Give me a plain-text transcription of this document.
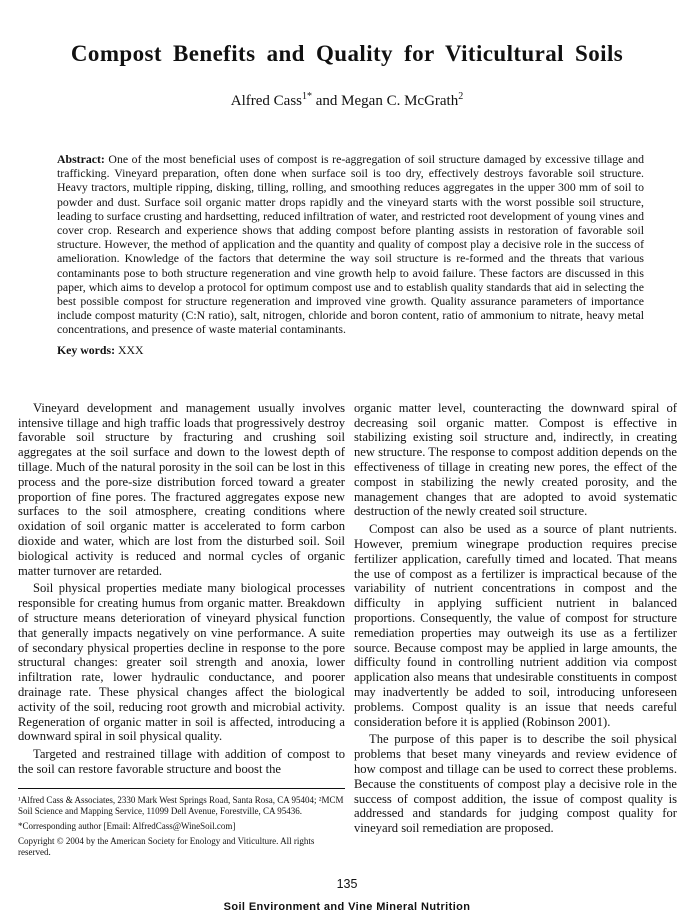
Compost Benefits and Quality for Viticultural Soils
Alfred Cass$^{1*}$ and Megan C. McGrath$^2$
Abstract: One of the most beneficial uses of compost is re-aggregation of soil structure damaged by excessive tillage and trafficking. Vineyard preparation, often done when surface soil is too dry, effectively destroys favorable soil structure. Heavy tractors, multiple ripping, disking, tilling, rolling, and smoothing reduces aggregates in the upper 300 mm of soil to powder and dust. Surface soil organic matter drops rapidly and the vineyard starts with the worst possible soil structure, leading to surface crusting and hardsetting, reduced infiltration of water, and restricted root development of young vines and cover crop. Research and experience shows that adding compost before planting assists in restoration of favorable soil structure. However, the method of application and the quantity and quality of compost play a decisive role in the success of amelioration. Knowledge of the factors that determine the way soil structure is re-formed and the threats that various contaminants pose to both structure regeneration and vine growth help to avoid failure. These factors are discussed in this paper, which aims to develop a protocol for optimum compost use and to establish quality standards that aid in selecting the best possible compost for structure regeneration and improved vine growth. Quality assurance parameters of importance include compost maturity (C:N ratio), salt, nitrogen, chloride and boron content, ratio of ammonium to nitrate, heavy metal concentrations, and presence of waste material contaminants.
Key words: XXX

Vineyard development and management usually involves intensive tillage and high traffic loads that progressively destroy favorable soil structure by fracturing and crushing soil aggregates at the soil surface and down to the lowest depth of tillage. Much of the natural porosity in the soil can be lost in this process and the pore-size distribution forced toward a greater proportion of fine pores. The fractured aggregates expose new surfaces to the soil atmosphere, creating conditions where oxidation of soil organic matter is accelerated to form carbon dioxide and water, which are lost from the disturbed soil. Soil biological activity is reduced and normal cycles of organic matter turnover are retarded.

Soil physical properties mediate many biological processes responsible for creating humus from organic matter. Breakdown of structure means deterioration of vineyard physical function that generally impacts negatively on vine performance. A suite of secondary physical properties decline in response to the pore structural changes: greater soil strength and anoxia, lower infiltration rate, lower hydraulic conductance, and poorer drainage rate. These physical changes affect the biological activity of the soil, reducing root growth and microbial activity. Regeneration of organic matter in soil is affected, introducing a downward spiral in soil physical quality.

Targeted and restrained tillage with addition of compost to the soil can restore favorable structure and boost the

¹Alfred Cass & Associates, 2330 Mark West Springs Road, Santa Rosa, CA 95404; ²MCM Soil Science and Mapping Service, 11099 Dell Avenue, Forestville, CA 95436.

*Corresponding author [Email: AlfredCass@WineSoil.com]

Copyright © 2004 by the American Society for Enology and Viticulture. All rights reserved.

organic matter level, counteracting the downward spiral of decreasing soil organic matter. Compost is effective in stabilizing existing soil structure and, indirectly, in creating new structure. The response to compost addition depends on the effectiveness of tillage in creating new pores, the effect of the compost in stabilizing the newly created porosity, and the management changes that are adopted to avoid systematic destruction of the newly created soil structure.

Compost can also be used as a source of plant nutrients. However, premium winegrape production requires precise fertilizer application, carefully timed and located. That means the use of compost as a fertilizer is impractical because of the variability of nutrient concentrations in compost and the difficulty in applying sufficient nutrient in balanced proportions. Consequently, the value of compost for structure remediation properties may outweigh its use as a fertilizer source. Because compost may be applied in large amounts, the difficulty found in controlling nutrient addition via compost application also means that undesirable constituents in compost may inadvertently be added to soil, introducing unforeseen problems. Compost quality is an issue that needs careful consideration before it is applied (Robinson 2001).

The purpose of this paper is to describe the soil physical problems that beset many vineyards and review evidence of how compost and tillage can be used to correct these problems. Because the constituents of compost play a decisive role in the success of compost addition, the issue of compost quality is addressed and standards for judging compost quality for vineyard soil remediation are proposed.

135
Soil Environment and Vine Mineral Nutrition
